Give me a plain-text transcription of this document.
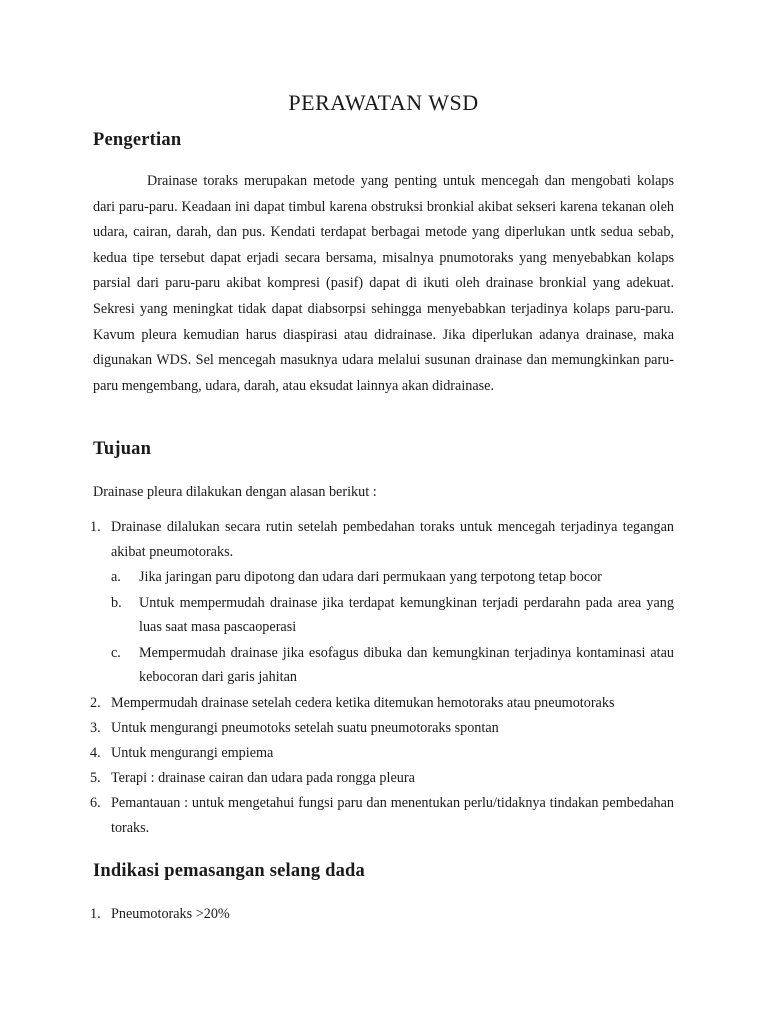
PERAWATAN WSD
Pengertian

Drainase toraks merupakan metode yang penting untuk mencegah dan mengobati kolaps dari paru-paru. Keadaan ini dapat timbul karena obstruksi bronkial akibat sekseri karena tekanan oleh udara, cairan, darah, dan pus. Kendati terdapat berbagai metode yang diperlukan untk sedua sebab, kedua tipe tersebut dapat erjadi secara bersama, misalnya pnumotoraks yang menyebabkan kolaps parsial dari paru-paru akibat kompresi (pasif) dapat di ikuti oleh drainase bronkial yang adekuat. Sekresi yang meningkat tidak dapat diabsorpsi sehingga menyebabkan terjadinya kolaps paru-paru. Kavum pleura kemudian harus diaspirasi atau didrainase. Jika diperlukan adanya drainase, maka digunakan WDS. Sel mencegah masuknya udara melalui susunan drainase dan memungkinkan paru-paru mengembang, udara, darah, atau eksudat lainnya akan didrainase.

Tujuan

Drainase pleura dilakukan dengan alasan berikut :

1. Drainase dilalukan secara rutin setelah pembedahan toraks untuk mencegah terjadinya tegangan akibat pneumotoraks.
a. Jika jaringan paru dipotong dan udara dari permukaan yang terpotong tetap bocor
b. Untuk mempermudah drainase jika terdapat kemungkinan terjadi perdarahn pada area yang luas saat masa pascaoperasi
c. Mempermudah drainase jika esofagus dibuka dan kemungkinan terjadinya kontaminasi atau kebocoran dari garis jahitan
2. Mempermudah drainase setelah cedera ketika ditemukan hemotoraks atau pneumotoraks
3. Untuk mengurangi pneumotoks setelah suatu pneumotoraks spontan
4. Untuk mengurangi empiema
5. Terapi : drainase cairan dan udara pada rongga pleura
6. Pemantauan : untuk mengetahui fungsi paru dan menentukan perlu/tidaknya tindakan pembedahan toraks.
Indikasi pemasangan selang dada
1. Pneumotoraks >20%
